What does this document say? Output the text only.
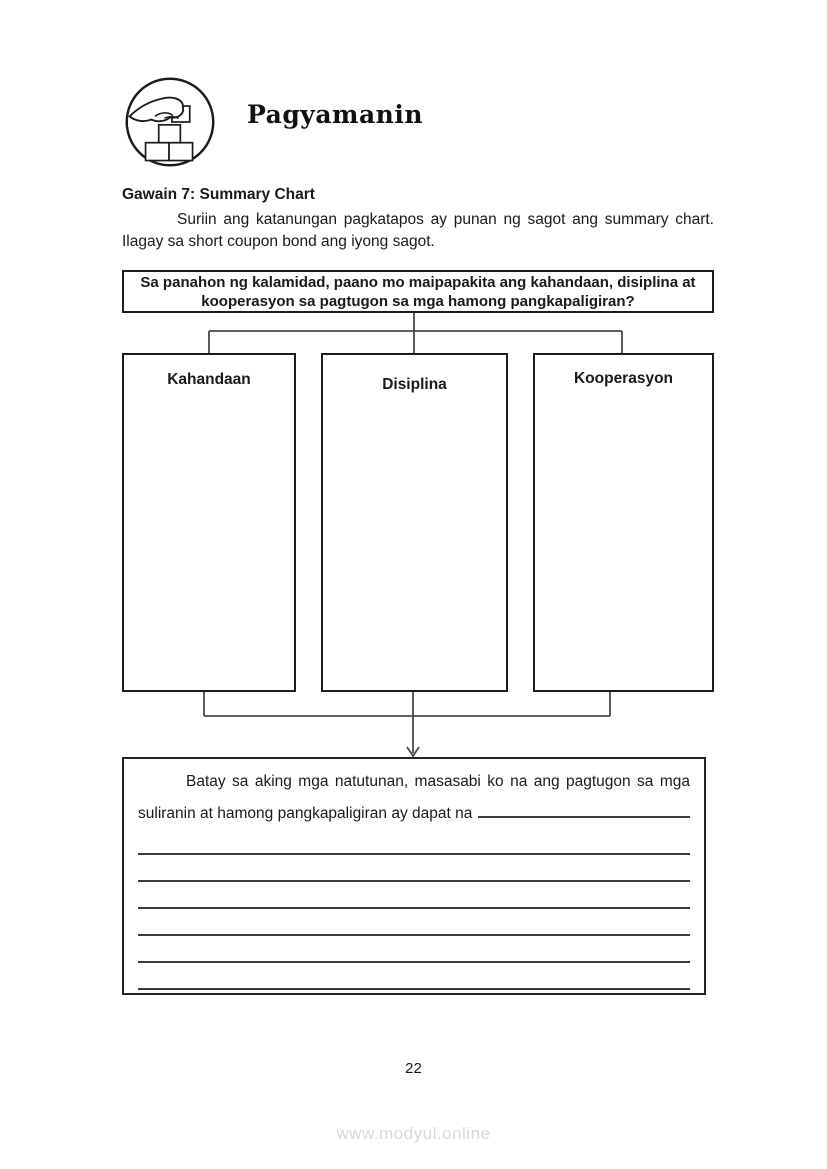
Pagyamanin
Gawain 7: Summary Chart

Suriin ang katanungan pagkatapos ay punan ng sagot ang summary chart. Ilagay sa short coupon bond ang iyong sagot.

Sa panahon ng kalamidad, paano mo maipapakita ang kahandaan, disiplina at kooperasyon sa pagtugon sa mga hamong pangkapaligiran?
Kahandaan	Disiplina	Kooperasyon
Batay sa aking mga natutunan, masasabi ko na ang pagtugon sa mga
suliranin at hamong pangkapaligiran ay dapat na
22
www.modyul.online
